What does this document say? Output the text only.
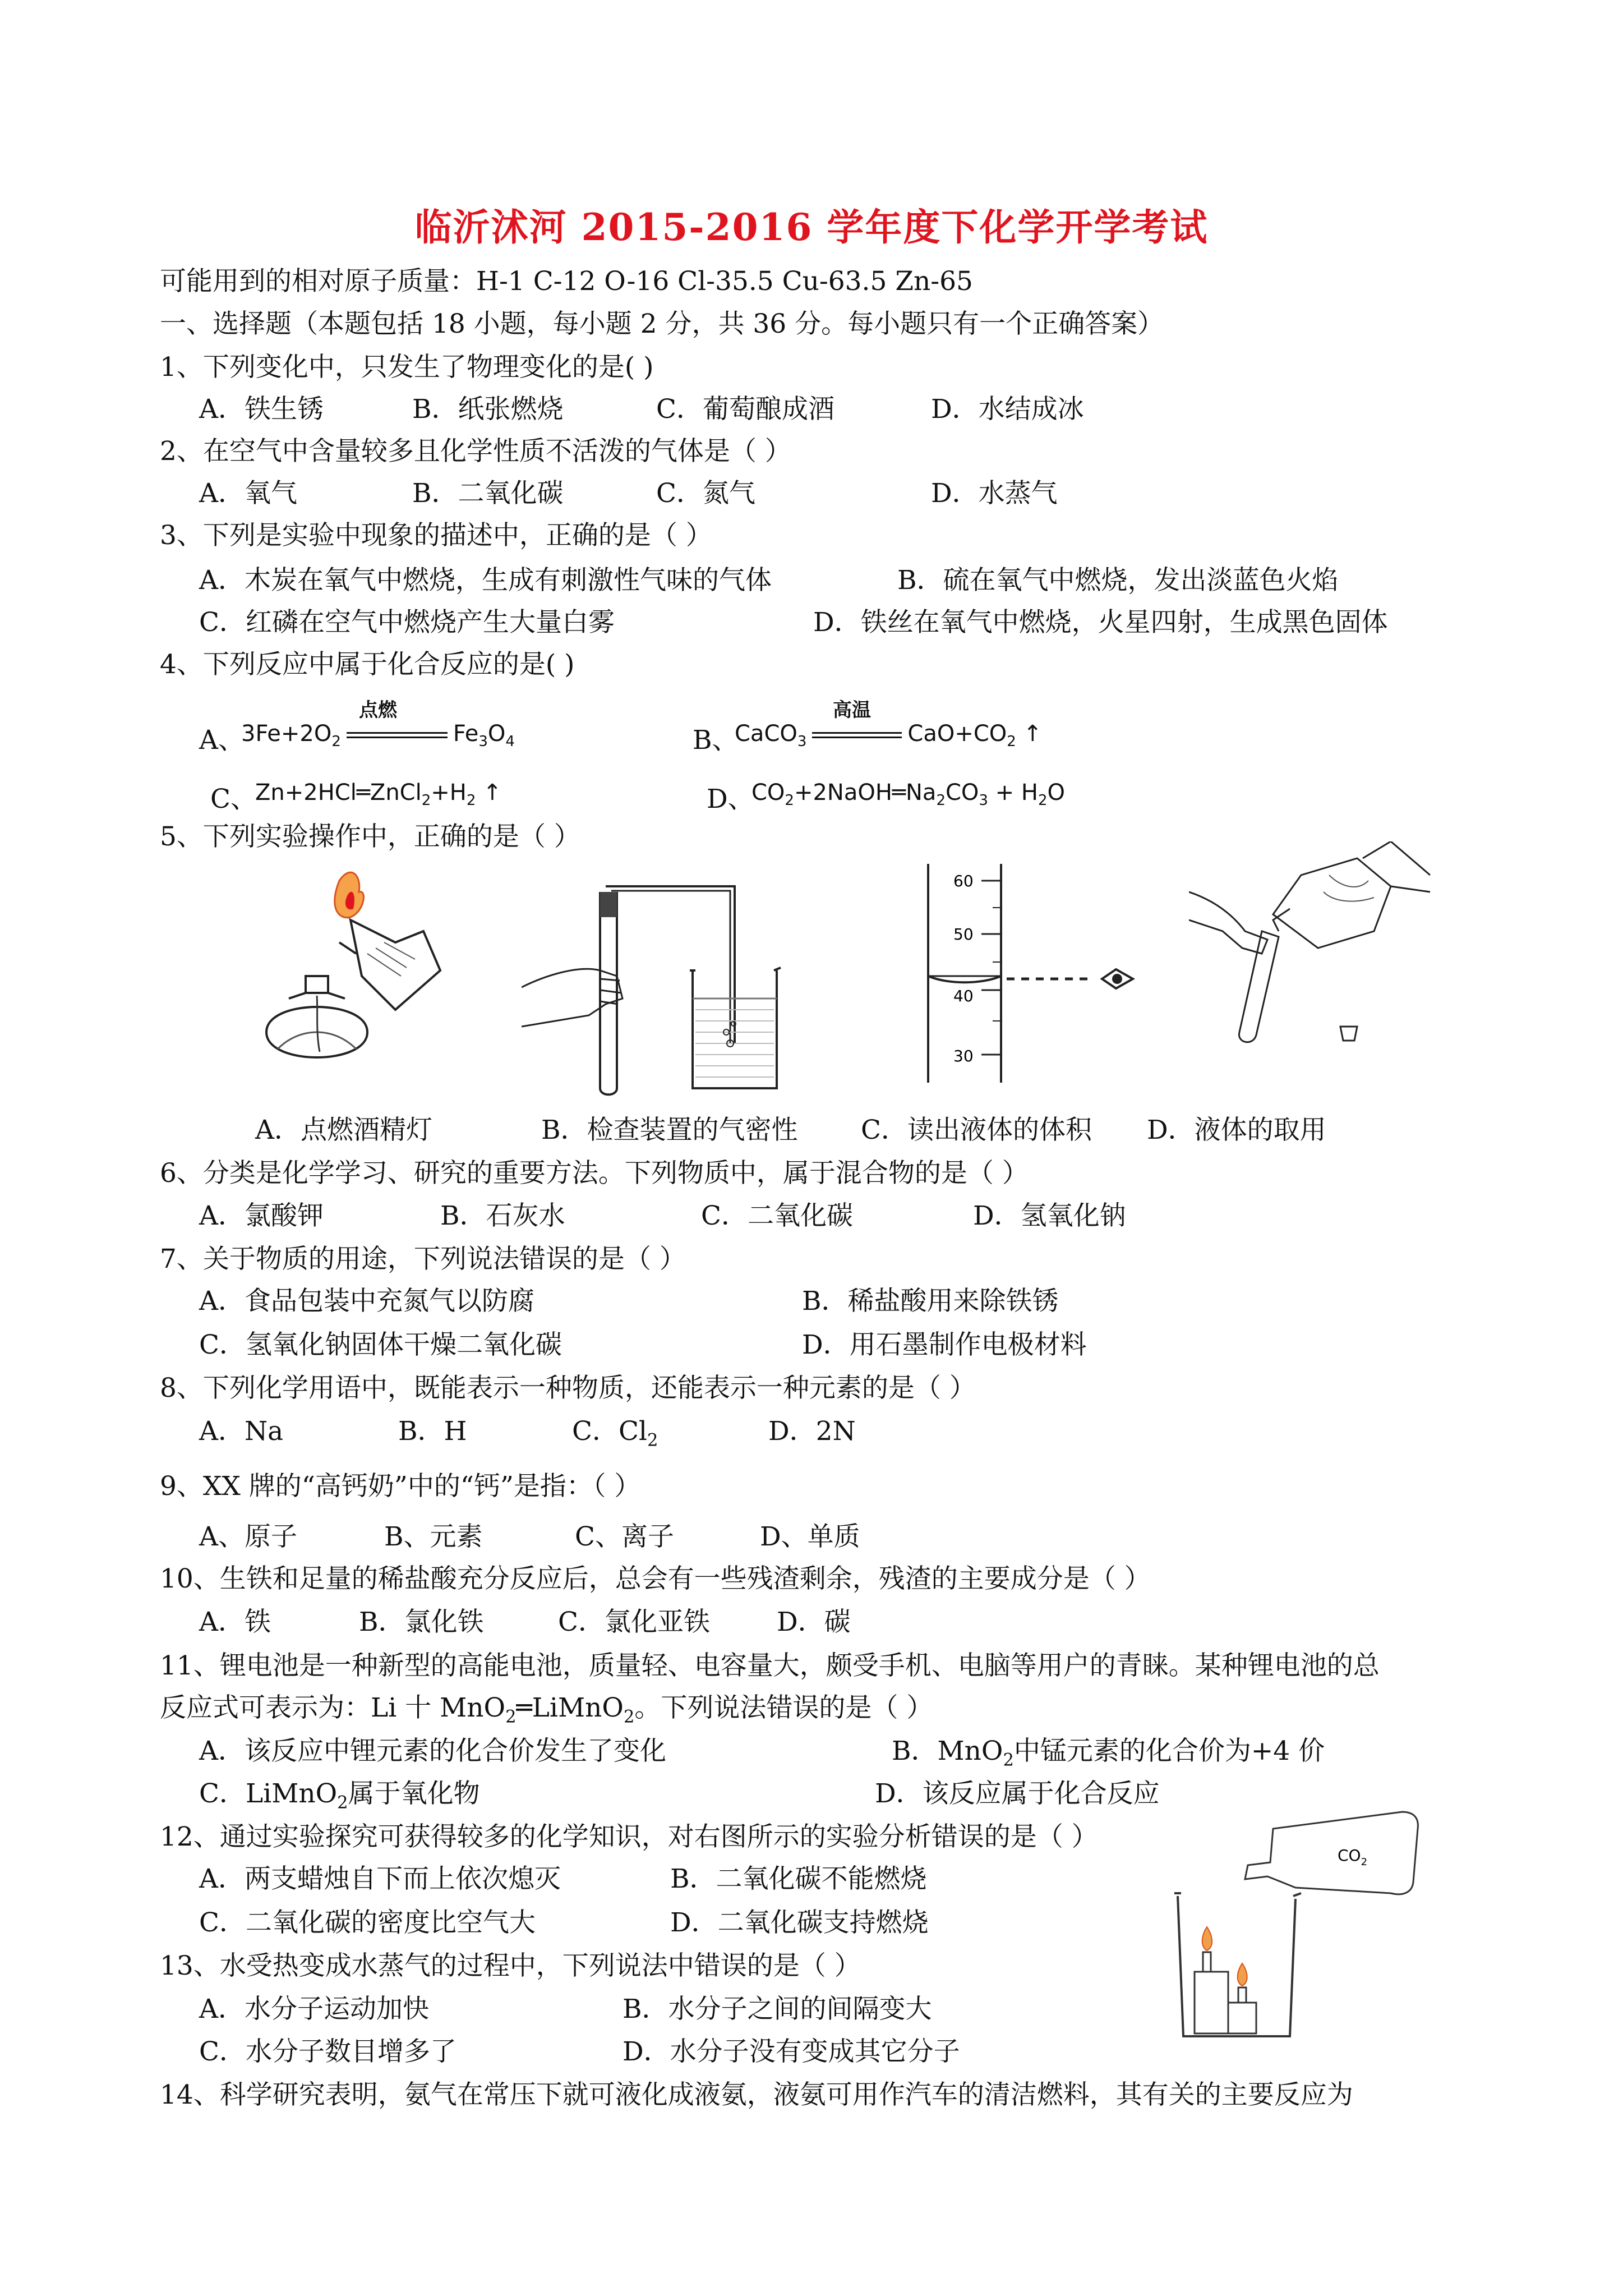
临沂沭河 2015-2016 学年度下化学开学考试
可能用到的相对原子质量：H-1 C-12 O-16 Cl-35.5 Cu-63.5 Zn-65
一、选择题（本题包括 18 小题，每小题 2 分，共 36 分。每小题只有一个正确答案）
1、下列变化中，只发生了物理变化的是( )
A．铁生锈	B．纸张燃烧	C．葡萄酿成酒	D．水结成冰
2、在空气中含量较多且化学性质不活泼的气体是（ ）
A．氧气	B．二氧化碳	C．氮气	D．水蒸气
3、下列是实验中现象的描述中，正确的是（ ）
A．木炭在氧气中燃烧，生成有刺激性气味的气体	B．硫在氧气中燃烧，发出淡蓝色火焰
C．红磷在空气中燃烧产生大量白雾	D．铁丝在氧气中燃烧，火星四射，生成黑色固体
4、下列反应中属于化合反应的是( )
A、
$3Fe+2O_2$	$Fe_3O_4$
点燃
B、
CaCO$_3$	$CaO+CO_2$ ↑
高温
C、
$Zn+2HCl═ZnCl_2+H_2$ ↑	D、
$CO_2+2NaOH═Na_2CO_3 + H_2O$
5、下列实验操作中，正确的是（ ）
60
50
40
30
A．点燃酒精灯	B．检查装置的气密性 C．读出液体的体积 D．液体的取用
6、分类是化学学习、研究的重要方法。下列物质中，属于混合物的是（ ）
A．氯酸钾	B．石灰水	C．二氧化碳	D．氢氧化钠
7、关于物质的用途，下列说法错误的是（ ）
A．食品包装中充氮气以防腐	B．稀盐酸用来除铁锈
C．氢氧化钠固体干燥二氧化碳	D．用石墨制作电极材料
8、下列化学用语中，既能表示一种物质，还能表示一种元素的是（ ）
A．Na	B．H	C．$Cl_2$	D．2N
9、XX 牌的“高钙奶”中的“钙”是指：（ ）
A、原子	B、元素	C、离子	D、单质
10、生铁和足量的稀盐酸充分反应后，总会有一些残渣剩余，残渣的主要成分是（ ）
A．铁	B．氯化铁	C．氯化亚铁	D．碳
11、锂电池是一种新型的高能电池，质量轻、电容量大，颇受手机、电脑等用户的青睐。某种锂电池的总
反应式可表示为：Li 十 MnO$_2$═LiMnO$_2$。下列说法错误的是（ ）
A．该反应中锂元素的化合价发生了变化	B．MnO$_2$中锰元素的化合价为+4 价
C．LiMnO$_2$属于氧化物	D．该反应属于化合反应
12、通过实验探究可获得较多的化学知识，对右图所示的实验分析错误的是（ ）
A．两支蜡烛自下而上依次熄灭	B．二氧化碳不能燃烧
C．二氧化碳的密度比空气大	D．二氧化碳支持燃烧
$CO_2$
13、水受热变成水蒸气的过程中，下列说法中错误的是（ ）
A．水分子运动加快	B．水分子之间的间隔变大
C．水分子数目增多了	D．水分子没有变成其它分子
14、科学研究表明，氨气在常压下就可液化成液氨，液氨可用作汽车的清洁燃料，其有关的主要反应为
